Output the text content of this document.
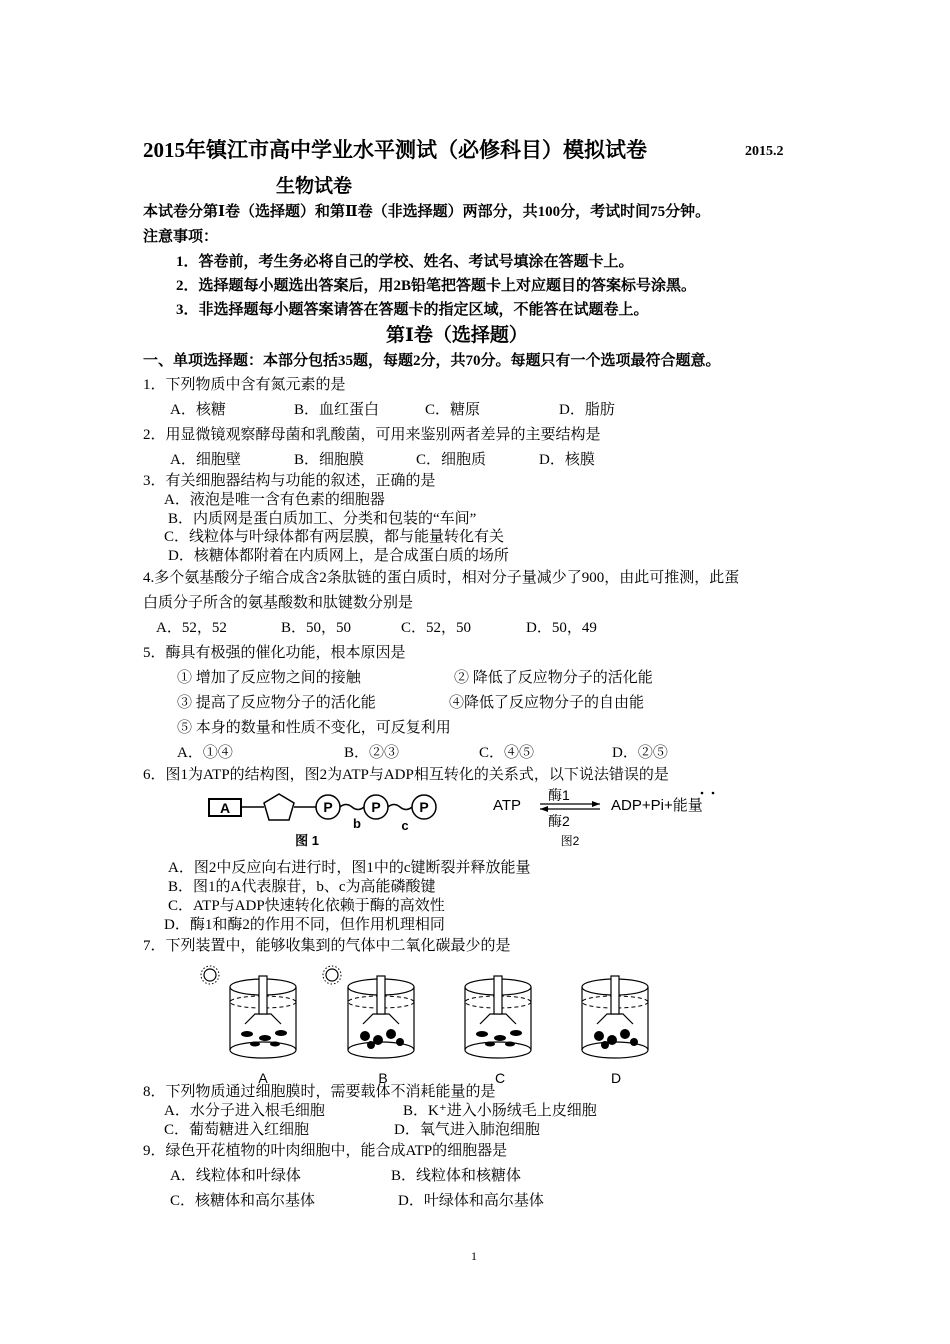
2015年镇江市高中学业水平测试（必修科目）模拟试卷	2015.2
生物试卷
本试卷分第Ⅰ卷（选择题）和第Ⅱ卷（非选择题）两部分，共100分，考试时间75分钟。
注意事项：
1．答卷前，考生务必将自己的学校、姓名、考试号填涂在答题卡上。
2．选择题每小题选出答案后，用2B铅笔把答题卡上对应题目的答案标号涂黑。
3．非选择题每小题答案请答在答题卡的指定区域，不能答在试题卷上。
第Ⅰ卷（选择题）
一、单项选择题：本部分包括35题，每题2分，共70分。每题只有一个选项最符合题意。
1．下列物质中含有氮元素的是
A．核糖	B．血红蛋白	C．糖原	D．脂肪
2．用显微镜观察酵母菌和乳酸菌，可用来鉴别两者差异的主要结构是
A．细胞壁	B．细胞膜	C．细胞质	D．核膜
3．有关细胞器结构与功能的叙述，正确的是
A．液泡是唯一含有色素的细胞器
B．内质网是蛋白质加工、分类和包装的“车间”
C．线粒体与叶绿体都有两层膜，都与能量转化有关
D．核糖体都附着在内质网上，是合成蛋白质的场所
4.多个氨基酸分子缩合成含2条肽链的蛋白质时，相对分子量减少了900，由此可推测，此蛋
白质分子所含的氨基酸数和肽键数分别是
A．52，52	B．50，50	C．52，50	D．50，49
5．酶具有极强的催化功能，根本原因是
① 增加了反应物之间的接触	② 降低了反应物分子的活化能
③ 提高了反应物分子的活化能	④降低了反应物分子的自由能
⑤ 本身的数量和性质不变化，可反复利用
A．①④	B．②③	C．④⑤	D．②⑤
6．图1为ATP的结构图，图2为ATP与ADP相互转化的关系式，以下说法错误的是
A	P	P	P
b	c
图 1
ATP
酶1
酶2
ADP+Pi+能量
图2
A．图2中反应向右进行时，图1中的c键断裂并释放能量
B．图1的A代表腺苷，b、c为高能磷酸键
C．ATP与ADP快速转化依赖于酶的高效性
D．酶1和酶2的作用不同，但作用机理相同
7．下列装置中，能够收集到的气体中二氧化碳最少的是
A	B	C	D
8．下列物质通过细胞膜时，需要载体不消耗能量的是
A．水分子进入根毛细胞	B．K⁺进入小肠绒毛上皮细胞
C．葡萄糖进入红细胞	D．氧气进入肺泡细胞
9．绿色开花植物的叶肉细胞中，能合成ATP的细胞器是
A．线粒体和叶绿体	B．线粒体和核糖体
C．核糖体和高尔基体	D．叶绿体和高尔基体
1
